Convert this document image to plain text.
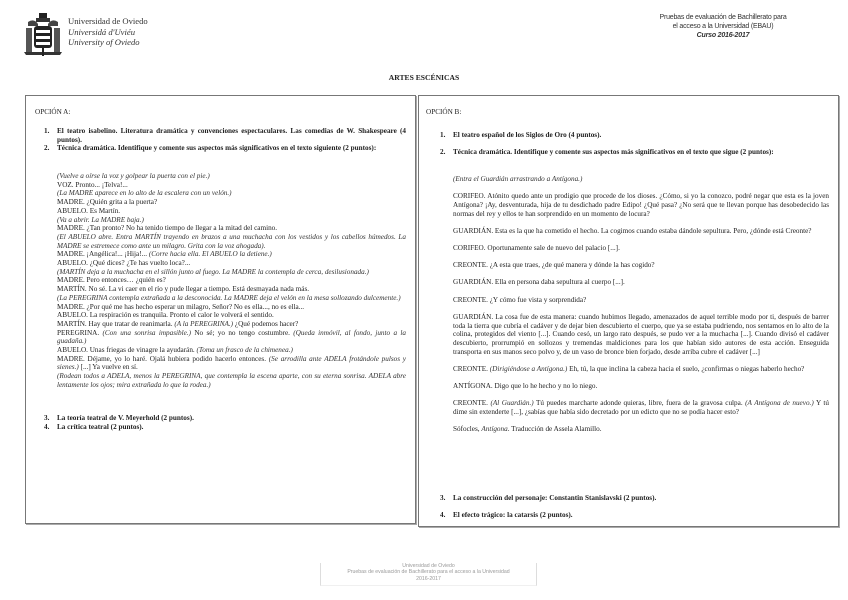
Universidad de Oviedo
Universidá d'Uviéu
University of Oviedo
Pruebas de evaluación de Bachillerato para
el acceso a la Universidad (EBAU)
Curso 2016-2017
ARTES ESCÉNICAS
OPCIÓN A:
1. El teatro isabelino. Literatura dramática y convenciones espectaculares. Las comedias de W. Shakespeare (4 puntos).
2. Técnica dramática. Identifique y comente sus aspectos más significativos en el texto siguiente (2 puntos):

(Vuelve a oírse la voz y golpear la puerta con el pie.)

VOZ. Pronto... ¡Telva!...

(La MADRE aparece en lo alto de la escalera con un velón.)

MADRE. ¿Quién grita a la puerta?

ABUELO. Es Martín.

(Va a abrir. La MADRE baja.)

MADRE. ¿Tan pronto? No ha tenido tiempo de llegar a la mitad del camino.

(El ABUELO abre. Entra MARTÍN trayendo en brazos a una muchacha con los vestidos y los cabellos húmedos. La MADRE se estremece como ante un milagro. Grita con la voz ahogada).

MADRE. ¡Angélica!... ¡Hija!... (Corre hacia ella. El ABUELO la detiene.)

ABUELO. ¿Qué dices? ¿Te has vuelto loca?...

(MARTÍN deja a la muchacha en el sillón junto al fuego. La MADRE la contempla de cerca, desilusionada.)

MADRE. Pero entonces… ¿quién es?

MARTÍN. No sé. La vi caer en el río y pude llegar a tiempo. Está desmayada nada más.

(La PEREGRINA contempla extrañada a la desconocida. La MADRE deja el velón en la mesa sollozando dulcemente.)

MADRE. ¿Por qué me has hecho esperar un milagro, Señor? No es ella..., no es ella...

ABUELO. La respiración es tranquila. Pronto el calor le volverá el sentido.

MARTÍN. Hay que tratar de reanimarla. (A la PEREGRINA.) ¿Qué podemos hacer?

PEREGRINA. (Con una sonrisa impasible.) No sé; yo no tengo costumbre. (Queda inmóvil, al fondo, junto a la guadaña.)

ABUELO. Unas friegas de vinagre la ayudarán. (Toma un frasco de la chimenea.)

MADRE. Déjame, yo lo haré. Ojalá hubiera podido hacerlo entonces. (Se arrodilla ante ADELA frotándole pulsos y sienes.) [...] Ya vuelve en sí.

(Rodean todos a ADELA, menos la PEREGRINA, que contempla la escena aparte, con su eterna sonrisa. ADELA abre lentamente los ojos; mira extrañada lo que la rodea.)

3. La teoría teatral de V. Meyerhold (2 puntos).
4. La crítica teatral (2 puntos).
OPCIÓN B:
1. El teatro español de los Siglos de Oro (4 puntos).
2. Técnica dramática. Identifique y comente sus aspectos más significativos en el texto que sigue (2 puntos):

(Entra el Guardián arrastrando a Antígona.)

CORIFEO. Atónito quedo ante un prodigio que procede de los dioses. ¿Cómo, si yo la conozco, podré negar que esta es la joven Antígona? ¡Ay, desventurada, hija de tu desdichado padre Edipo! ¿Qué pasa? ¿No será que te llevan porque has desobedecido las normas del rey y ellos te han sorprendido en un momento de locura?

GUARDIÁN. Esta es la que ha cometido el hecho. La cogimos cuando estaba dándole sepultura. Pero, ¿dónde está Creonte?

CORIFEO. Oportunamente sale de nuevo del palacio [...].

CREONTE. ¿A esta que traes, ¿de qué manera y dónde la has cogido?

GUARDIÁN. Ella en persona daba sepultura al cuerpo [...].

CREONTE. ¿Y cómo fue vista y sorprendida?

GUARDIÁN. La cosa fue de esta manera: cuando hubimos llegado, amenazados de aquel terrible modo por ti, después de barrer toda la tierra que cubría el cadáver y de dejar bien descubierto el cuerpo, que ya se estaba pudriendo, nos sentamos en lo alto de la colina, protegidos del viento [...]. Cuando cesó, un largo rato después, se pudo ver a la muchacha [...]. Cuando divisó el cadáver descubierto, prorrumpió en sollozos y tremendas maldiciones para los que habían sido autores de esta acción. Enseguida transporta en sus manos seco polvo y, de un vaso de bronce bien forjado, desde arriba cubre el cadáver [...]

CREONTE. (Dirigiéndose a Antígona.) Eh, tú, la que inclina la cabeza hacia el suelo, ¿confirmas o niegas haberlo hecho?

ANTÍGONA. Digo que lo he hecho y no lo niego.

CREONTE. (Al Guardián.) Tú puedes marcharte adonde quieras, libre, fuera de la gravosa culpa. (A Antígona de nuevo.) Y tú dime sin extenderte [...], ¿sabías que había sido decretado por un edicto que no se podía hacer esto?

Sófocles, Antígona. Traducción de Assela Alamillo.

3. La construcción del personaje: Constantin Stanislavski (2 puntos).
4. El efecto trágico: la catarsis (2 puntos).
Universidad de Oviedo
Pruebas de evaluación de Bachillerato para el acceso a la Universidad
2016-2017
